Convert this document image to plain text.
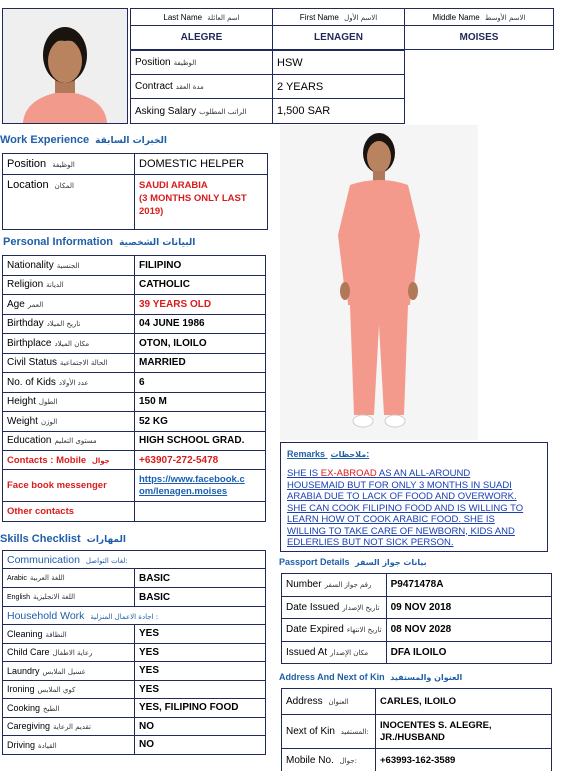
Last Name اسم العائلة	First Name الاسم الأول	Middle Name الاسم الأوسط
ALEGRE	LENAGEN	MOISES
Position الوظيفة	HSW
Contract مدة العقد	2 YEARS
Asking Salary الراتب المطلوب	1,500 SAR
Work Experience الخبرات السابقة
Position الوظيفة	DOMESTIC HELPER
Location المكان	SAUDI ARABIA
(3 MONTHS ONLY LAST
2019)
Personal Information البيانات الشخصية
Nationality الجنسية	FILIPINO
Religion الديانة	CATHOLIC
Age العمر	39 YEARS OLD
Birthday تاريخ الميلاد	04 JUNE 1986
Birthplace مكان الميلاد	OTON, ILOILO
Civil Status الحالة الاجتماعية	MARRIED
No. of Kids عدد الأولاد	6
Height الطول	150 M
Weight الوزن	52 KG
Education مستوى التعليم	HIGH SCHOOL GRAD.
Contacts : Mobile جوال	+63907-272-5478
Face book messenger	https://www.facebook.c
om/lenagen.moises

Other contacts	
Skills Checklist المهارات
Communication لغات التواصل:	
Arabic اللغة العربية	BASIC
English اللغة الانجليزية	BASIC
Household Work اجادة الاعمال المنزلية :	
Cleaning النظافة	YES
Child Care رعاية الاطفال	YES
Laundry غسيل الملابس	YES
Ironing كوي الملابس	YES
Cooking الطبخ	YES, FILIPINO FOOD
Caregiving تقديم الرعاية	NO
Driving القيادة	NO
Remarks ملاحظات:
SHE IS EX-ABROAD AS AN ALL-AROUND
HOUSEMAID BUT FOR ONLY 3 MONTHS IN SUADI
ARABIA DUE TO LACK OF FOOD AND OVERWORK.
SHE CAN COOK FILIPINO FOOD AND IS WILLING TO
LEARN HOW OT COOK ARABIC FOOD. SHE IS
WILLING TO TAKE CARE OF NEWBORN, KIDS AND
EDLERLIES BUT NOT SICK PERSON.
Passport Details بيانات جواز السفر
Number رقم جواز السفر	P9471478A
Date Issued تاريخ الإصدار	09 NOV 2018
Date Expired تاريخ الانتهاء	08 NOV 2028
Issued At مكان الإصدار	DFA ILOILO
Address And Next of Kin العنوان والمستفيد
Address العنوان	CARLES, ILOILO
Next of Kin المستفيد:	INOCENTES S. ALEGRE,
JR./HUSBAND

Mobile No. جوال:	+63993-162-3589
